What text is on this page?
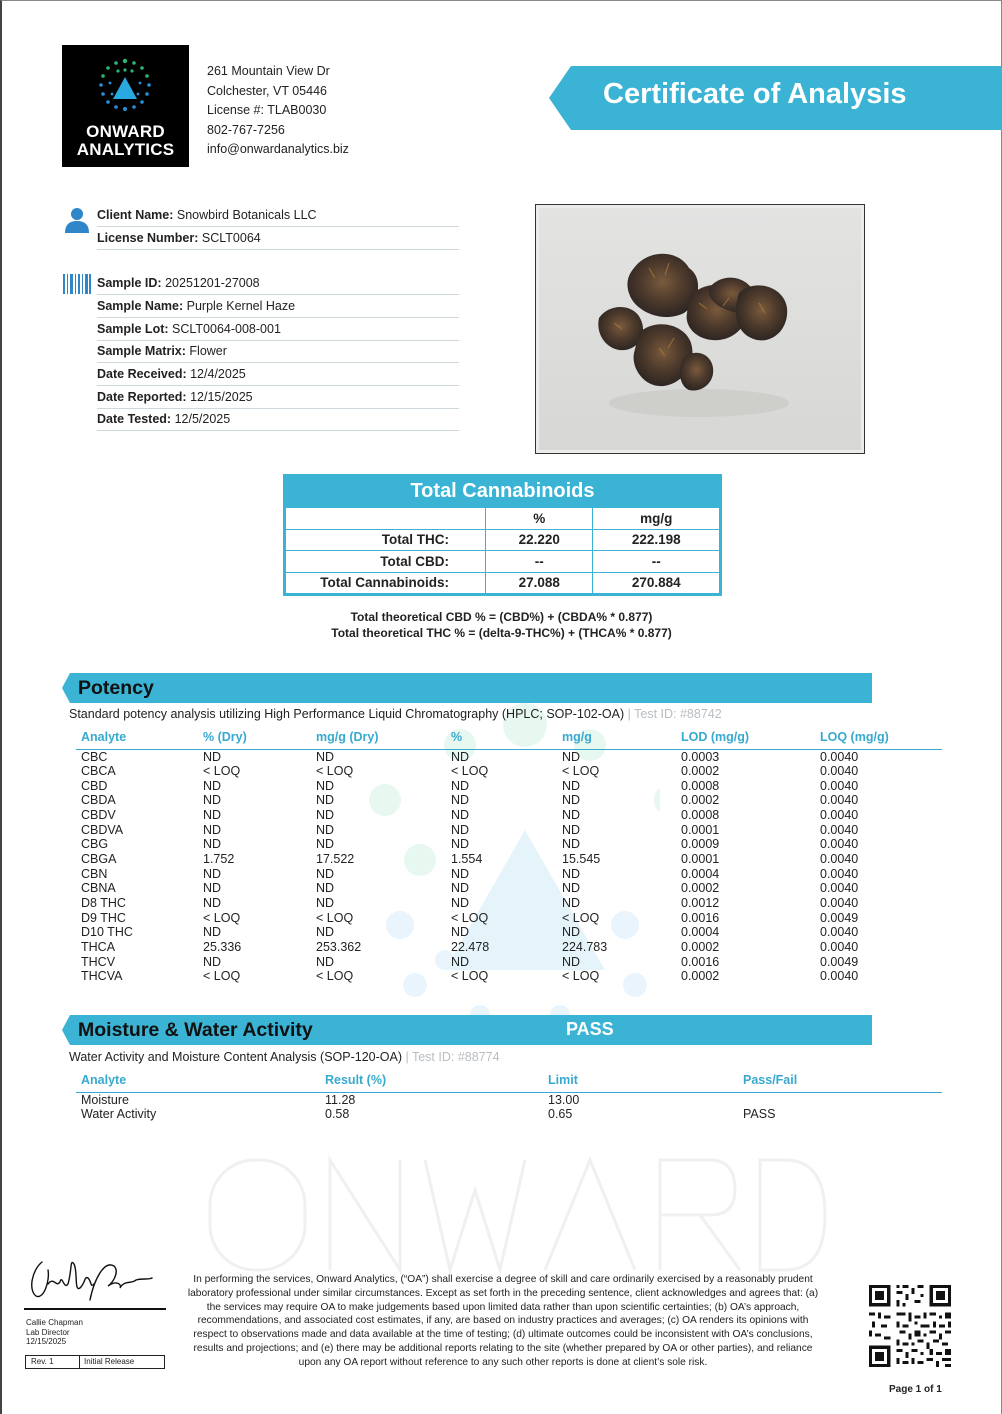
ONWARD
ANALYTICS
261 Mountain View Dr
Colchester, VT 05446
License #: TLAB0030
802-767-7256
info@onwardanalytics.biz
Certificate of Analysis
Client Name: Snowbird Botanicals LLC
License Number: SCLT0064
Sample ID: 20251201-27008
Sample Name: Purple Kernel Haze
Sample Lot: SCLT0064-008-001
Sample Matrix: Flower
Date Received: 12/4/2025
Date Reported: 12/15/2025
Date Tested: 12/5/2025
Total Cannabinoids
	%	mg/g
Total THC:	22.220	222.198
Total CBD:	--	--
Total Cannabinoids:	27.088	270.884
Total theoretical CBD % = (CBD%) + (CBDA% * 0.877)
Total theoretical THC % = (delta-9-THC%) + (THCA% * 0.877)
Potency
Standard potency analysis utilizing High Performance Liquid Chromatography (HPLC; SOP-102-OA) | Test ID: #88742
Analyte	% (Dry)	mg/g (Dry)	%	mg/g	LOD (mg/g)	LOQ (mg/g)
CBC	ND	ND	ND	ND	0.0003	0.0040
CBCA	< LOQ	< LOQ	< LOQ	< LOQ	0.0002	0.0040
CBD	ND	ND	ND	ND	0.0008	0.0040
CBDA	ND	ND	ND	ND	0.0002	0.0040
CBDV	ND	ND	ND	ND	0.0008	0.0040
CBDVA	ND	ND	ND	ND	0.0001	0.0040
CBG	ND	ND	ND	ND	0.0009	0.0040
CBGA	1.752	17.522	1.554	15.545	0.0001	0.0040
CBN	ND	ND	ND	ND	0.0004	0.0040
CBNA	ND	ND	ND	ND	0.0002	0.0040
D8 THC	ND	ND	ND	ND	0.0012	0.0040
D9 THC	< LOQ	< LOQ	< LOQ	< LOQ	0.0016	0.0049
D10 THC	ND	ND	ND	ND	0.0004	0.0040
THCA	25.336	253.362	22.478	224.783	0.0002	0.0040
THCV	ND	ND	ND	ND	0.0016	0.0049
THCVA	< LOQ	< LOQ	< LOQ	< LOQ	0.0002	0.0040
Moisture & Water Activity	PASS
Water Activity and Moisture Content Analysis (SOP-120-OA) | Test ID: #88774
Analyte	Result (%)	Limit	Pass/Fail
Moisture	11.28	13.00	
Water Activity	0.58	0.65	PASS
Callie Chapman
Lab Director
12/15/2025
Rev. 1	Initial Release
In performing the services, Onward Analytics, (“OA”) shall exercise a degree of skill and care ordinarily exercised by a reasonably prudent laboratory professional under similar circumstances. Except as set forth in the preceding sentence, client acknowledges and agrees that: (a) the services may require OA to make judgements based upon limited data rather than upon scientific certainties; (b) OA’s approach, recommendations, and associated cost estimates, if any, are based on industry practices and averages; (c) OA renders its opinions with respect to observations made and data available at the time of testing; (d) ultimate outcomes could be inconsistent with OA’s conclusions, results and projections; and (e) there may be additional reports relating to the site (whether prepared by OA or other parties), and reliance upon any OA report without reference to any such other reports is done at client’s sole risk.
Page 1 of 1
